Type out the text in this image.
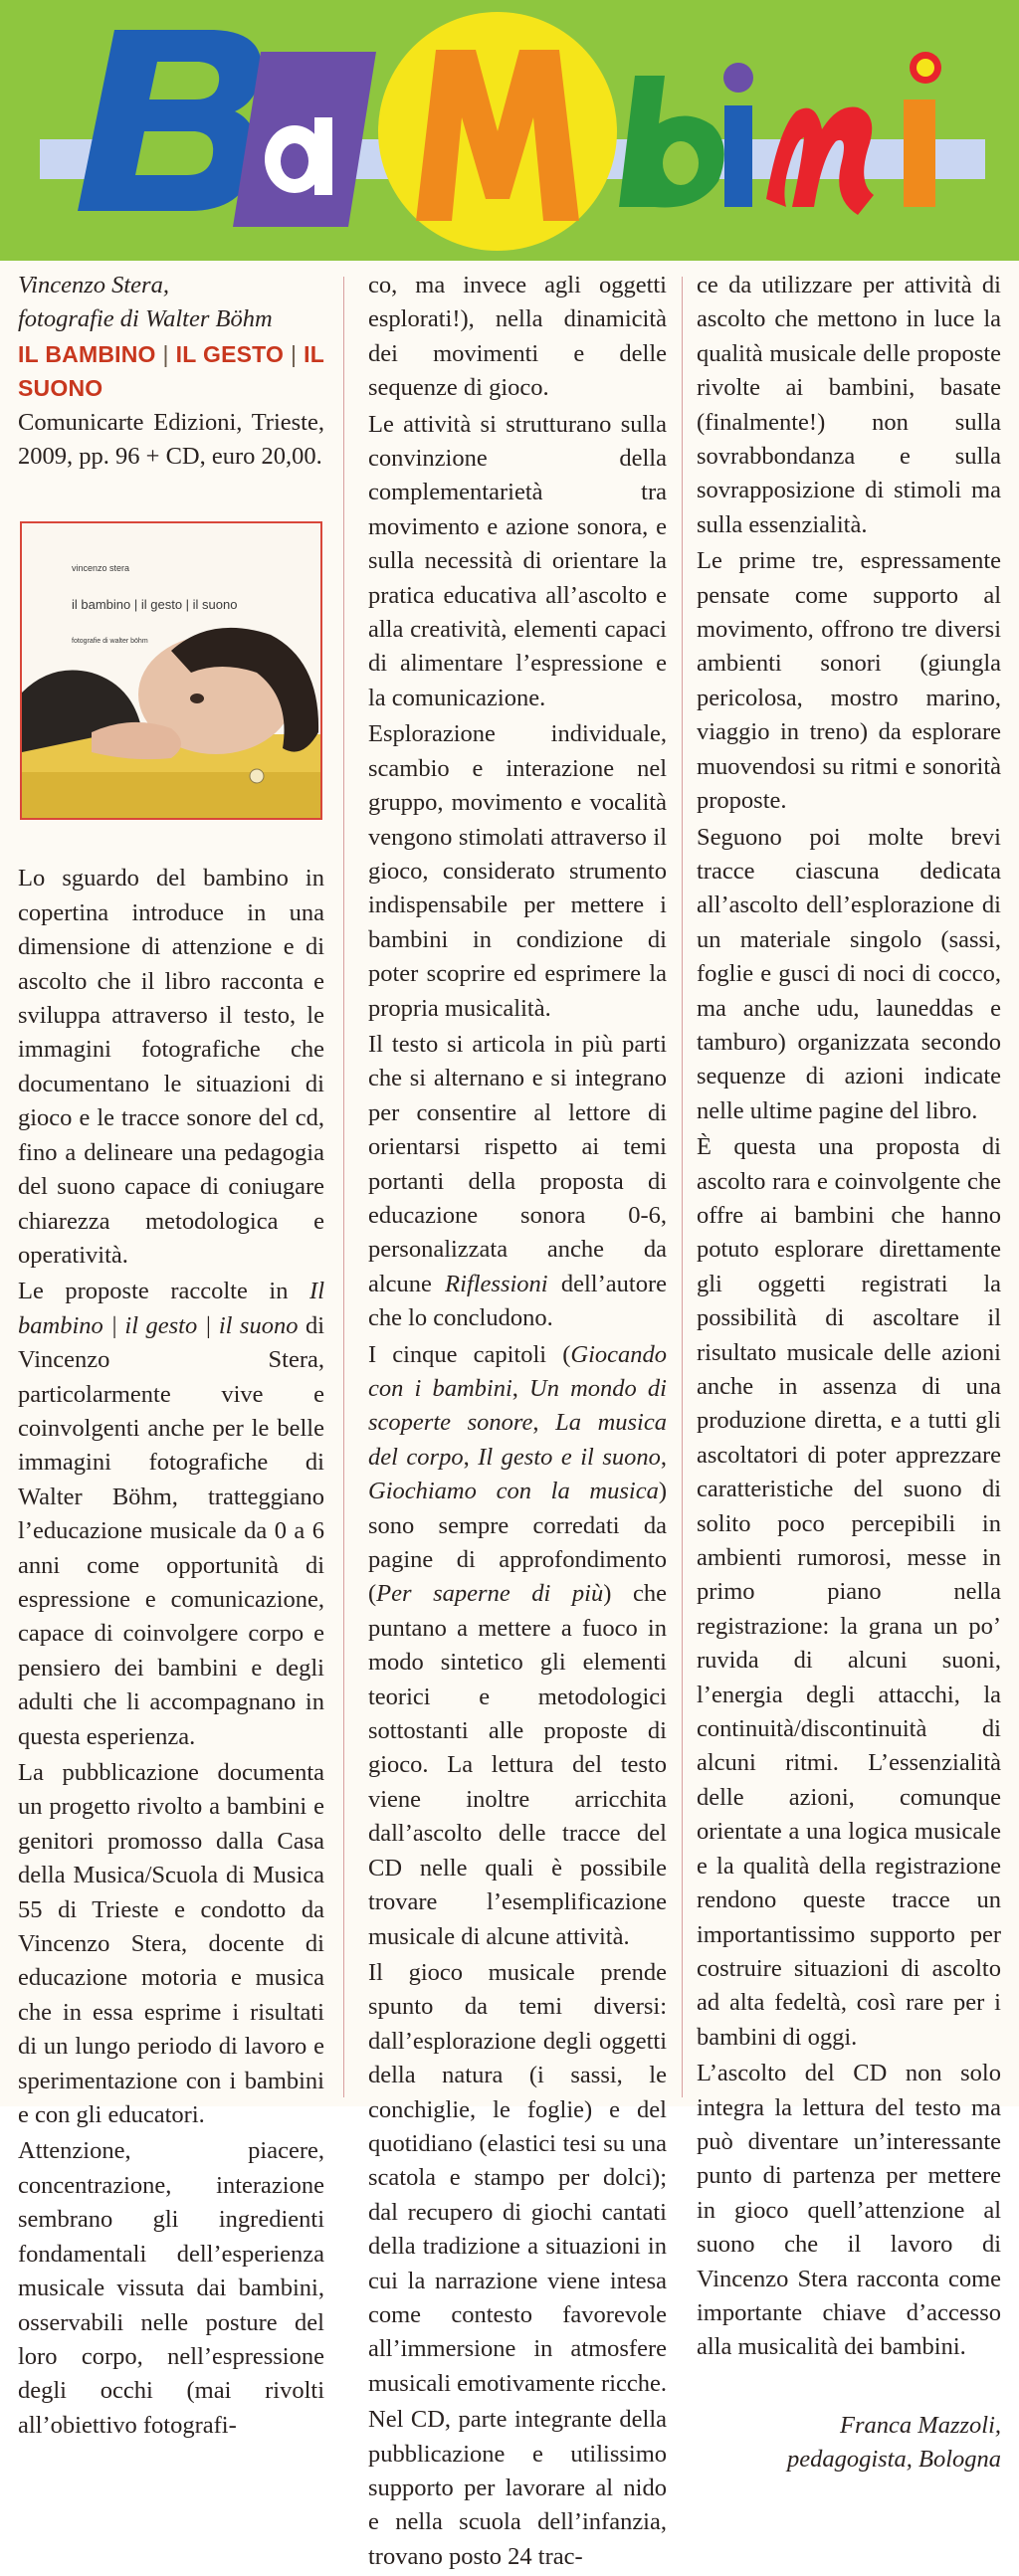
Vincenzo Stera,
fotografie di Walter Böhm
IL BAMBINO | IL GESTO | IL SUONO
Comunicarte Edizioni, Trieste, 2009, pp. 96 + CD, euro 20,00.
vincenzo stera
il bambino | il gesto | il suono
fotografie di walter böhm

Lo sguardo del bambino in copertina introduce in una dimensione di attenzione e di ascolto che il libro racconta e sviluppa attraverso il testo, le immagini fotografiche che documentano le situazioni di gioco e le tracce sonore del cd, fino a delineare una pedagogia del suono capace di coniugare chiarezza metodologica e operatività.

Le proposte raccolte in Il bambino | il gesto | il suono di Vincenzo Stera, particolarmente vive e coinvolgenti anche per le belle immagini fotografiche di Walter Böhm, tratteggiano l’educazione musicale da 0 a 6 anni come opportunità di espressione e comunicazione, capace di coinvolgere corpo e pensiero dei bambini e degli adulti che li accompagnano in questa esperienza.

La pubblicazione documenta un progetto rivolto a bambini e genitori promosso dalla Casa della Musica/Scuola di Musica 55 di Trieste e condotto da Vincenzo Stera, docente di educazione motoria e musica che in essa esprime i risultati di un lungo periodo di lavoro e sperimentazione con i bambini e con gli educatori.

Attenzione, piacere, concentrazione, interazione sembrano gli ingredienti fondamentali dell’esperienza musicale vissuta dai bambini, osservabili nelle posture del loro corpo, nell’espressione degli occhi (mai rivolti all’obiettivo fotografi-

co, ma invece agli oggetti esplorati!), nella dinamicità dei movimenti e delle sequenze di gioco.

Le attività si strutturano sulla convinzione della complementarietà tra movimento e azione sonora, e sulla necessità di orientare la pratica educativa all’ascolto e alla creatività, elementi capaci di alimentare l’espressione e la comunicazione.

Esplorazione individuale, scambio e interazione nel gruppo, movimento e vocalità vengono stimolati attraverso il gioco, considerato strumento indispensabile per mettere i bambini in condizione di poter scoprire ed esprimere la propria musicalità.

Il testo si articola in più parti che si alternano e si integrano per consentire al lettore di orientarsi rispetto ai temi portanti della proposta di educazione sonora 0-6, personalizzata anche da alcune Riflessioni dell’autore che lo concludono.

I cinque capitoli (Giocando con i bambini, Un mondo di scoperte sonore, La musica del corpo, Il gesto e il suono, Giochiamo con la musica) sono sempre corredati da pagine di approfondimento (Per saperne di più) che puntano a mettere a fuoco in modo sintetico gli elementi teorici e metodologici sottostanti alle proposte di gioco. La lettura del testo viene inoltre arricchita dall’ascolto delle tracce del CD nelle quali è possibile trovare l’esemplificazione musicale di alcune attività.

Il gioco musicale prende spunto da temi diversi: dall’esplorazione degli oggetti della natura (i sassi, le conchiglie, le foglie) e del quotidiano (elastici tesi su una scatola e stampo per dolci); dal recupero di giochi cantati della tradizione a situazioni in cui la narrazione viene intesa come contesto favorevole all’immersione in atmosfere musicali emotivamente ricche.

Nel CD, parte integrante della pubblicazione e utilissimo supporto per lavorare al nido e nella scuola dell’infanzia, trovano posto 24 trac-

ce da utilizzare per attività di ascolto che mettono in luce la qualità musicale delle proposte rivolte ai bambini, basate (finalmente!) non sulla sovrabbondanza e sulla sovrapposizione di stimoli ma sulla essenzialità.

Le prime tre, espressamente pensate come supporto al movimento, offrono tre diversi ambienti sonori (giungla pericolosa, mostro marino, viaggio in treno) da esplorare muovendosi su ritmi e sonorità proposte.

Seguono poi molte brevi tracce ciascuna dedicata all’ascolto dell’esplorazione di un materiale singolo (sassi, foglie e gusci di noci di cocco, ma anche udu, launeddas e tamburo) organizzata secondo sequenze di azioni indicate nelle ultime pagine del libro.

È questa una proposta di ascolto rara e coinvolgente che offre ai bambini che hanno potuto esplorare direttamente gli oggetti registrati la possibilità di ascoltare il risultato musicale delle azioni anche in assenza di una produzione diretta, e a tutti gli ascoltatori di poter apprezzare caratteristiche del suono di solito poco percepibili in ambienti rumorosi, messe in primo piano nella registrazione: la grana un po’ ruvida di alcuni suoni, l’energia degli attacchi, la continuità/discontinuità di alcuni ritmi. L’essenzialità delle azioni, comunque orientate a una logica musicale e la qualità della registrazione rendono queste tracce un importantissimo supporto per costruire situazioni di ascolto ad alta fedeltà, così rare per i bambini di oggi.

L’ascolto del CD non solo integra la lettura del testo ma può diventare un’interessante punto di partenza per mettere in gioco quell’attenzione al suono che il lavoro di Vincenzo Stera racconta come importante chiave d’accesso alla musicalità dei bambini.

Franca Mazzoli,
pedagogista, Bologna
